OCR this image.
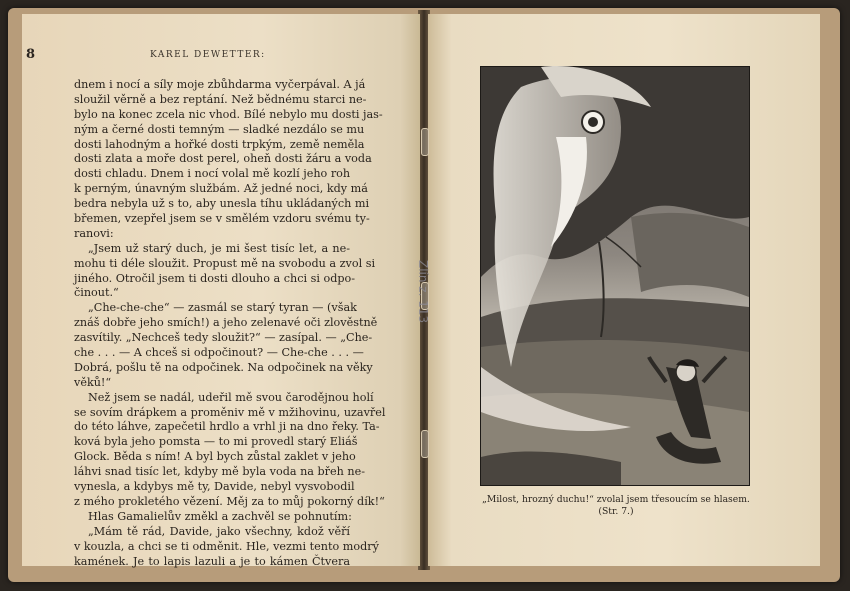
8	KAREL DEWETTER:
dnem i nocí a síly moje zbůhdarma vyčerpával. A já
sloužil věrně a bez reptání. Než bědnému starci ne-
bylo na konec zcela nic vhod. Bílé nebylo mu dosti jas-
ným a černé dosti temným — sladké nezdálo se mu
dosti lahodným a hořké dosti trpkým, země neměla
dosti zlata a moře dost perel, oheň dosti žáru a voda
dosti chladu. Dnem i nocí volal mě kozlí jeho roh
k perným, únavným službám. Až jedné noci, kdy má
bedra nebyla už s to, aby unesla tíhu ukládaných mi
břemen, vzepřel jsem se v smělém vzdoru svému ty-
ranovi:
„Jsem už starý duch, je mi šest tisíc let, a ne-
mohu ti déle sloužit. Propust mě na svobodu a zvol si
jiného. Otročil jsem ti dosti dlouho a chci si odpo-
činout.“
„Che-che-che“ — zasmál se starý tyran — (však
znáš dobře jeho smích!) a jeho zelenavé oči zlověstně
zasvítily. „Nechceš tedy sloužit?“ — zasípal. — „Che-
che . . . — A chceš si odpočinout? — Che-che . . . —
Dobrá, pošlu tě na odpočinek. Na odpočinek na věky
věků!“
Než jsem se nadál, udeřil mě svou čarodějnou holí
se sovím drápkem a proměniv mě v mžihovinu, uzavřel
do této láhve, zapečetil hrdlo a vrhl ji na dno řeky. Ta-
ková byla jeho pomsta — to mi provedl starý Eliáš
Glock. Běda s ním! A byl bych zůstal zaklet v jeho
láhvi snad tisíc let, kdyby mě byla voda na břeh ne-
vynesla, a kdybys mě ty, Davide, nebyl vysvobodil
z mého prokletého vězení. Měj za to můj pokorný dík!“
Hlas Gamalielův změkl a zachvěl se pohnutím:
„Mám tě rád, Davide, jako všechny, kdož věří
v kouzla, a chci se ti odměnit. Hle, vezmi tento modrý
kamének. Je to lapis lazuli a je to kámen Čtvera
Zlín z. 113
„Milost, hrozný duchu!“ zvolal jsem třesoucím se hlasem.
(Str. 7.)
